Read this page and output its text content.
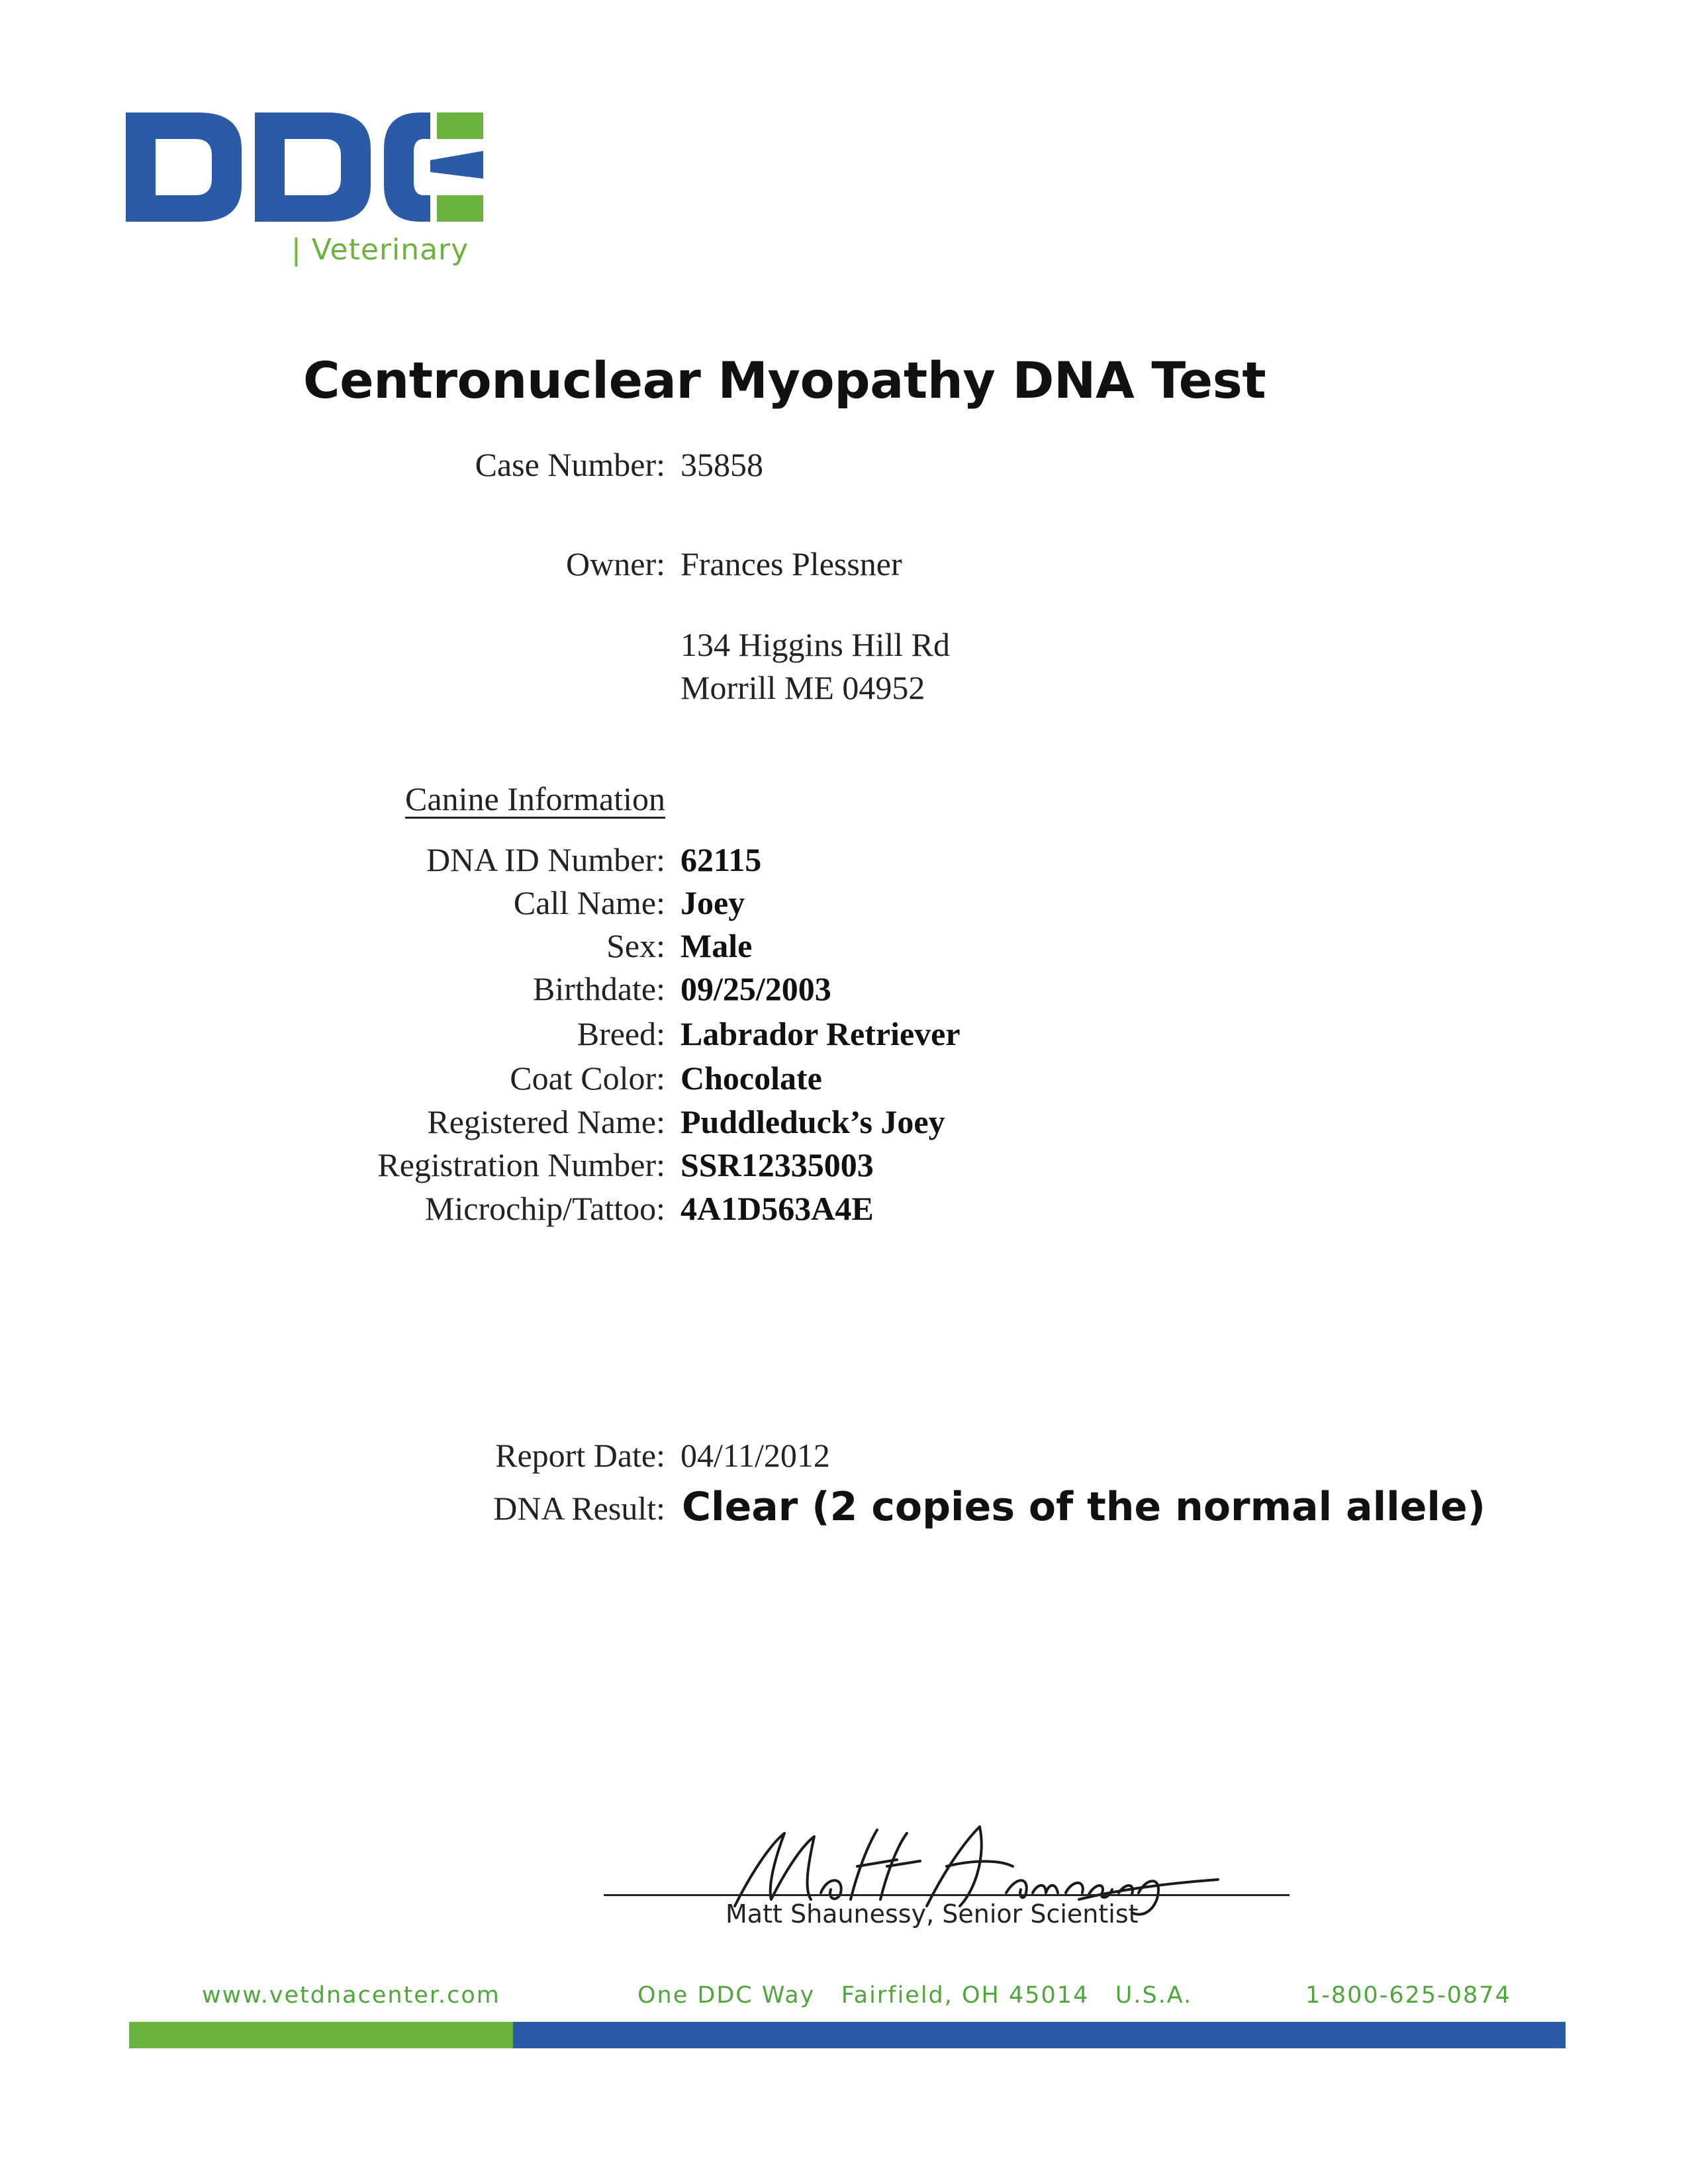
| Veterinary
Centronuclear Myopathy DNA Test
Case Number: 35858
Owner: Frances Plessner
134 Higgins Hill Rd
Morrill ME 04952
Canine Information
DNA ID Number: 62115
Call Name: Joey
Sex: Male
Birthdate: 09/25/2003
Breed: Labrador Retriever
Coat Color: Chocolate
Registered Name: Puddleduck’s Joey
Registration Number: SSR12335003
Microchip/Tattoo: 4A1D563A4E
Report Date: 04/11/2012
DNA Result: Clear (2 copies of the normal allele)
Matt Shaunessy, Senior Scientist
www.vetdnacenter.com	One DDC Way   Fairfield, OH 45014   U.S.A.	1-800-625-0874
